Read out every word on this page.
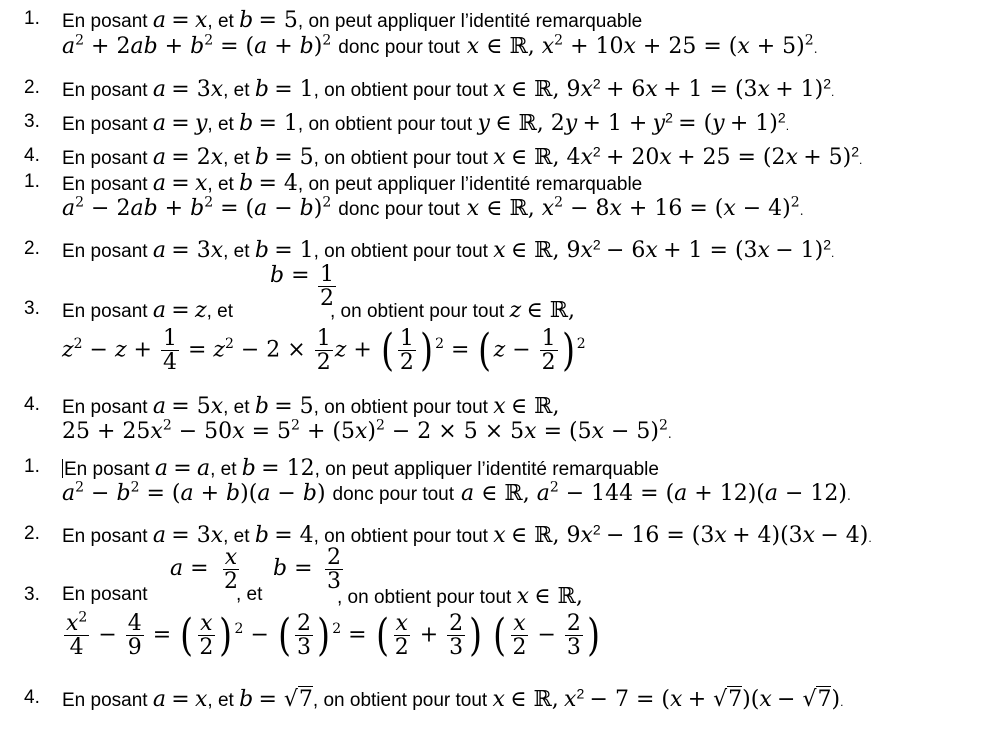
1. En posant a = x, et b = 5, on peut appliquer l’identité remarquable
$a^2 + 2ab + b^2 = (a + b)^2$ donc pour tout x ∈ ℝ, $x^2 + 10x + 25 = (x + 5)^2$.
2. En posant a = 3x, et b = 1, on obtient pour tout x ∈ ℝ, $9x^2 + 6x + 1 = (3x + 1)^2$.
3. En posant a = y, et b = 1, on obtient pour tout y ∈ ℝ, $2y + 1 + y^2 = (y + 1)^2$.
4. En posant a = 2x, et b = 5, on obtient pour tout x ∈ ℝ, $4x^2 + 20x + 25 = (2x + 5)^2$.
1. En posant a = x, et b = 4, on peut appliquer l’identité remarquable
$a^2 - 2ab + b^2 = (a - b)^2$ donc pour tout x ∈ ℝ, $x^2 - 8x + 16 = (x - 4)^2$.
2. En posant a = 3x, et b = 1, on obtient pour tout x ∈ ℝ, $9x^2 - 6x + 1 = (3x - 1)^2$.
3. En posant a = z, et
$b = \frac{1}{2}$
, on obtient pour tout z ∈ ℝ,
$z^2 - z + \frac{1}{4} = z^2 - 2 \times \frac{1}{2}$ z + ( $\frac{1}{2}$ ) $^2 = (z - \frac{1}{2}$ ) $^2$
4. En posant a = 5x, et b = 5, on obtient pour tout x ∈ ℝ,
$25 + 25x^2 - 50x = 5^2 + (5x)^2 - 2 \times 5 \times 5x = (5x - 5)^2$.
1. En posant a = a, et b = 12, on peut appliquer l’identité remarquable
$a^2 - b^2 = (a + b)(a - b)$ donc pour tout a ∈ ℝ, $a^2 - 144 = (a + 12)(a - 12)$.
2. En posant a = 3x, et b = 4, on obtient pour tout x ∈ ℝ, $9x^2 - 16 = (3x + 4)(3x - 4)$.
3. En posant
$a = \frac{x}{2}$
, et
$b = \frac{2}{3}$
, on obtient pour tout x ∈ ℝ,
$\frac{x^2}{4} - \frac{4}{9}$ = ( $\frac{x}{2}$ ) $^2$ − ( $\frac{2}{3}$ ) $^2$ = ( $\frac{x}{2} + \frac{2}{3}$ ) ( $\frac{x}{2} - \frac{2}{3}$ )
4. En posant a = x, et b = √7, on obtient pour tout x ∈ ℝ, $x^2 - 7 = (x + √7)(x - √7)$.
